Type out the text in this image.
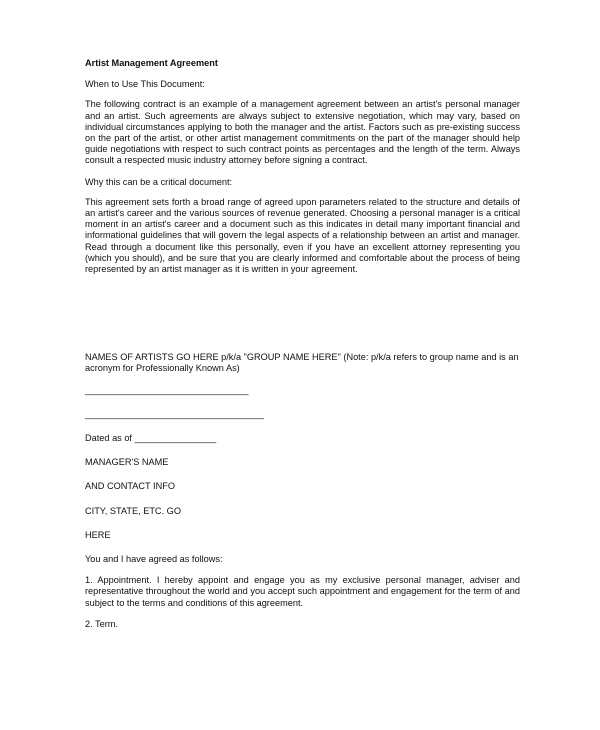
Artist Management Agreement
When to Use This Document:
The following contract is an example of a management agreement between an artist's personal manager and an artist. Such agreements are always subject to extensive negotiation, which may vary, based on individual circumstances applying to both the manager and the artist. Factors such as pre-existing success on the part of the artist, or other artist management commitments on the part of the manager should help guide negotiations with respect to such contract points as percentages and the length of the term. Always consult a respected music industry attorney before signing a contract.
Why this can be a critical document:
This agreement sets forth a broad range of agreed upon parameters related to the structure and details of an artist's career and the various sources of revenue generated. Choosing a personal manager is a critical moment in an artist's career and a document such as this indicates in detail many important financial and informational guidelines that will govern the legal aspects of a relationship between an artist and manager. Read through a document like this personally, even if you have an excellent attorney representing you (which you should), and be sure that you are clearly informed and comfortable about the process of being represented by an artist manager as it is written in your agreement.
NAMES OF ARTISTS GO HERE p/k/a "GROUP NAME HERE" (Note: p/k/a refers to group name and is an acronym for Professionally Known As)
________________________________
___________________________________
Dated as of ________________
MANAGER'S NAME
AND CONTACT INFO
CITY, STATE, ETC. GO
HERE
You and I have agreed as follows:
1. Appointment. I hereby appoint and engage you as my exclusive personal manager, adviser and representative throughout the world and you accept such appointment and engagement for the term of and subject to the terms and conditions of this agreement.
2. Term.
